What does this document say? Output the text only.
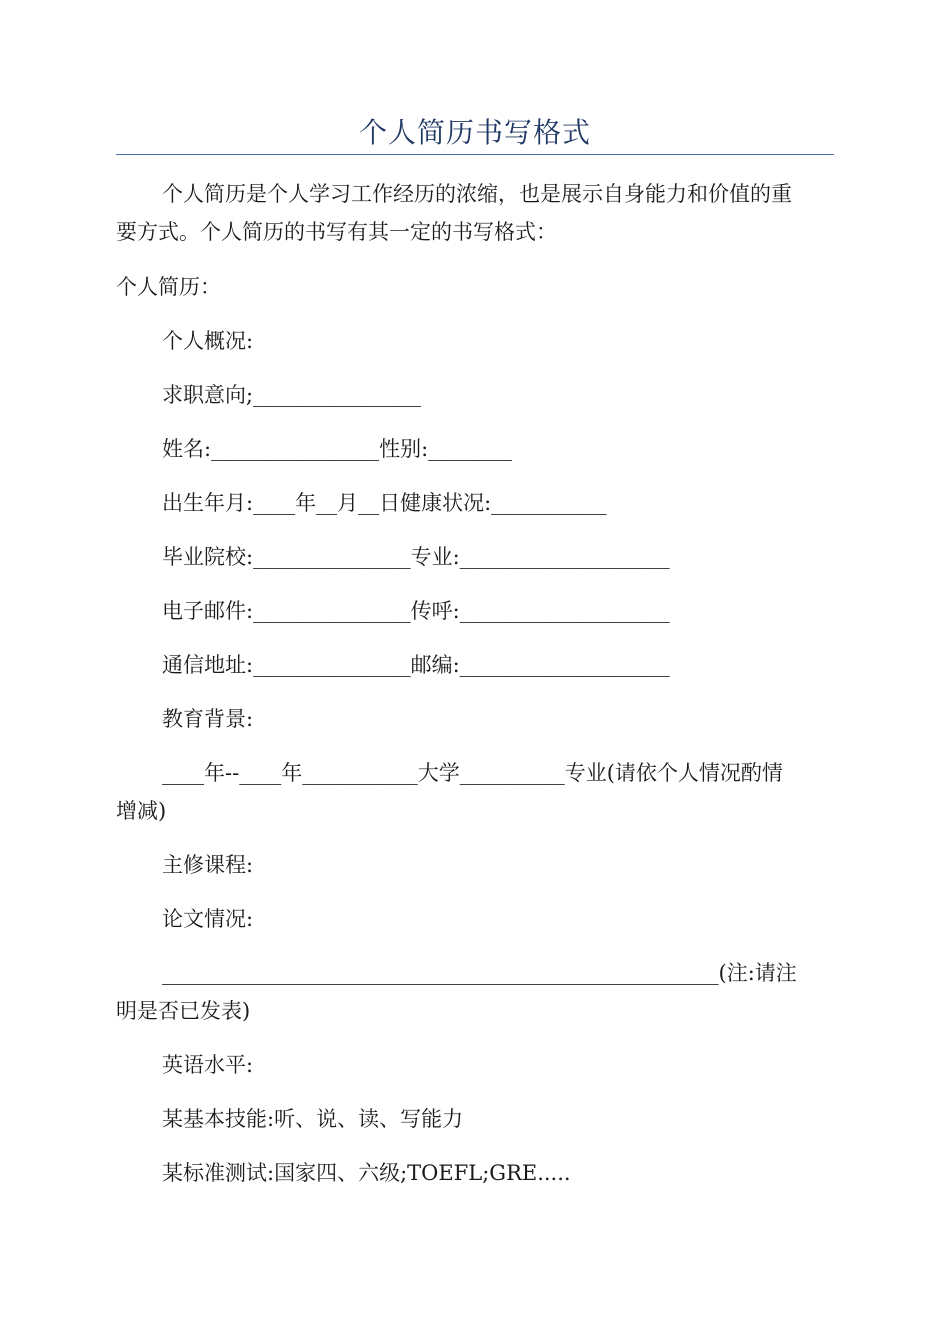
个人简历书写格式
个人简历是个人学习工作经历的浓缩，也是展示自身能力和价值的重
要方式。个人简历的书写有其一定的书写格式：
个人简历：
个人概况:
求职意向;________________
姓名:________________性别:________
出生年月:____年__月__日健康状况:___________
毕业院校:_______________专业:____________________
电子邮件:_______________传呼:____________________
通信地址:_______________邮编:____________________
教育背景:
____年--____年___________大学__________专业(请依个人情况酌情
增减)
主修课程:
论文情况:
_____________________________________________________(注:请注
明是否已发表)
英语水平:
某基本技能:听、说、读、写能力
某标准测试:国家四、六级;TOEFL;GRE.....
